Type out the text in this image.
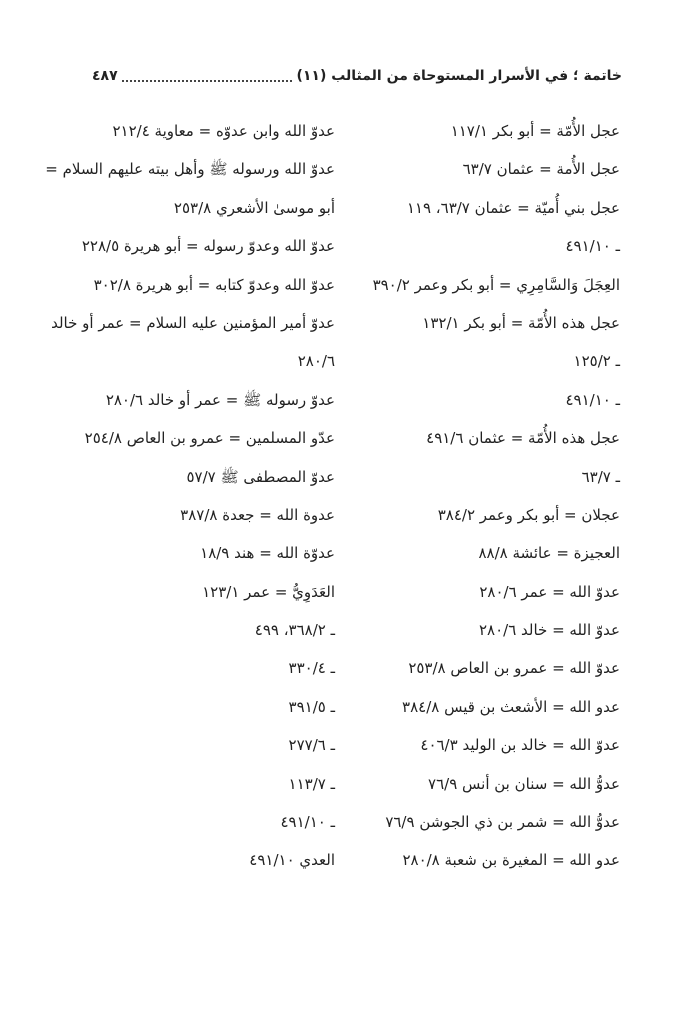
خاتمة ؛ في الأسرار المستوحاة من المثالب (١١)
٤٨٧
عجل الأُمّة = أبو بكر ١١٧/١
عجل الأُمة = عثمان ٦٣/٧
عجل بني أُميّة = عثمان ٦٣/٧، ١١٩
ـ ٤٩١/١٠
العِجَلَ وَالسَّامِرِي = أبو بكر وعمر ٣٩٠/٢
عجل هذه الأُمّة = أبو بكر ١٣٢/١
ـ ١٢٥/٢
ـ ٤٩١/١٠
عجل هذه الأُمّة = عثمان ٤٩١/٦
ـ ٦٣/٧
عجلان = أبو بكر وعمر ٣٨٤/٢
العجيزة = عائشة ٨٨/٨
عدوّ الله = عمر ٢٨٠/٦
عدوّ الله = خالد ٢٨٠/٦
عدوّ الله = عمرو بن العاص ٢٥٣/٨
عدو الله = الأشعث بن قيس ٣٨٤/٨
عدوّ الله = خالد بن الوليد ٤٠٦/٣
عدوُّ الله = سنان بن أنس ٧٦/٩
عدوُّ الله = شمر بن ذي الجوشن ٧٦/٩
عدو الله = المغيرة بن شعبة ٢٨٠/٨
عدوّ الله وابن عدوّه = معاوية ٢١٢/٤
عدوّ الله ورسوله ﷺ وأهل بيته عليهم السلام =
أبو موسىٰ الأشعري ٢٥٣/٨
عدوّ الله وعدوّ رسوله = أبو هريرة ٢٢٨/٥
عدوّ الله وعدوّ كتابه = أبو هريرة ٣٠٢/٨
عدوّ أمير المؤمنين عليه السلام = عمر أو خالد
٢٨٠/٦
عدوّ رسوله ﷺ = عمر أو خالد ٢٨٠/٦
عدّو المسلمين = عمرو بن العاص ٢٥٤/٨
عدوّ المصطفى ﷺ ٥٧/٧
عدوة الله = جعدة ٣٨٧/٨
عدوّة الله = هند ١٨/٩
العَدَوِيُّ = عمر ١٢٣/١
ـ ٣٦٨/٢، ٤٩٩
ـ ٣٣٠/٤
ـ ٣٩١/٥
ـ ٢٧٧/٦
ـ ١١٣/٧
ـ ٤٩١/١٠
العدي ٤٩١/١٠
